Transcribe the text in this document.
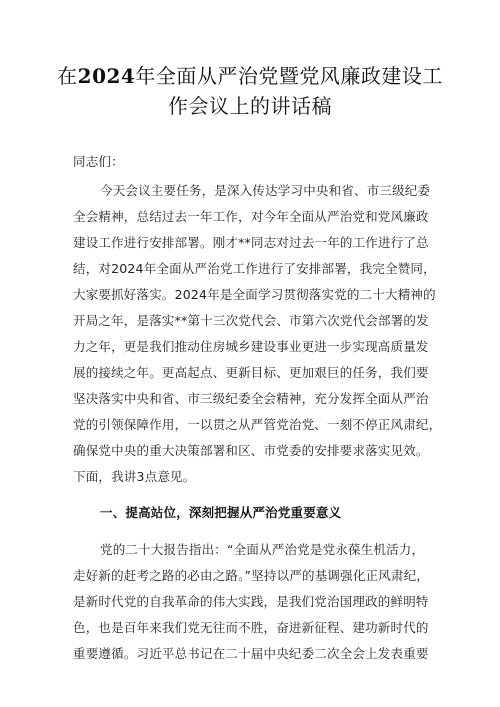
在2024年全面从严治党暨党风廉政建设工
作会议上的讲话稿
同志们：
今天会议主要任务，是深入传达学习中央和省、市三级纪委
全会精神，总结过去一年工作，对今年全面从严治党和党风廉政
建设工作进行安排部署。刚才**同志对过去一年的工作进行了总
结，对2024年全面从严治党工作进行了安排部署，我完全赞同，
大家要抓好落实。2024年是全面学习贯彻落实党的二十大精神的
开局之年，是落实**第十三次党代会、市第六次党代会部署的发
力之年，更是我们推动住房城乡建设事业更进一步实现高质量发
展的接续之年。更高起点、更新目标、更加艰巨的任务，我们要
坚决落实中央和省、市三级纪委全会精神，充分发挥全面从严治
党的引领保障作用，一以贯之从严管党治党、一刻不停正风肃纪，
确保党中央的重大决策部署和区、市党委的安排要求落实见效。
下面，我讲3点意见。
一、提高站位，深刻把握从严治党重要意义
党的二十大报告指出：“全面从严治党是党永葆生机活力，
走好新的赶考之路的必由之路。”坚持以严的基调强化正风肃纪，
是新时代党的自我革命的伟大实践，是我们党治国理政的鲜明特
色，也是百年来我们党无往而不胜，奋进新征程、建功新时代的
重要遵循。习近平总书记在二十届中央纪委二次全会上发表重要
